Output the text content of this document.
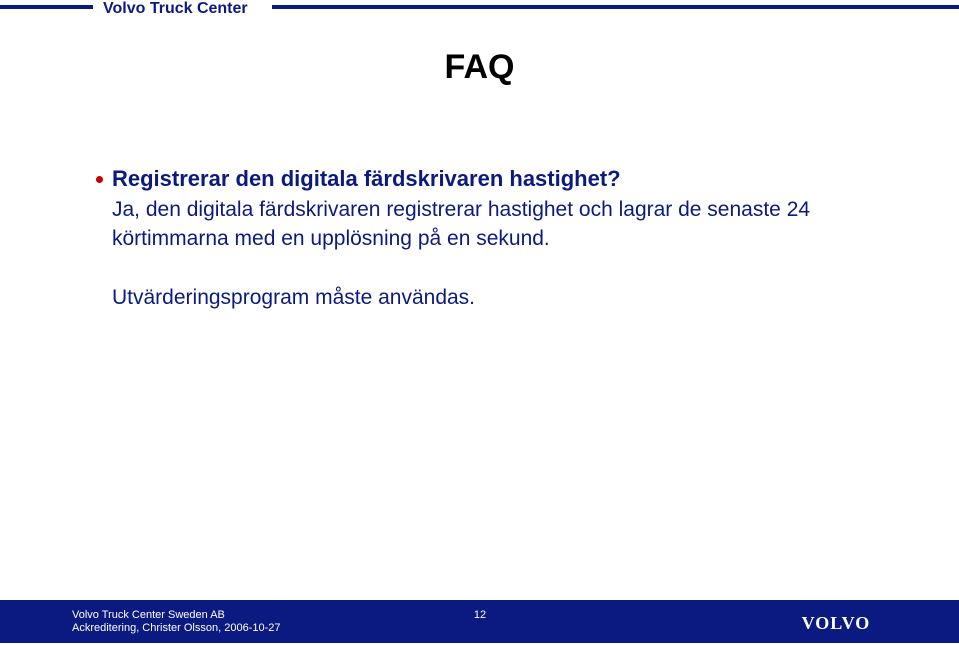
Volvo Truck Center
FAQ
Registrerar den digitala färdskrivaren hastighet?
Ja, den digitala färdskrivaren registrerar hastighet och lagrar de senaste 24 körtimmarna med en upplösning på en sekund.
Utvärderingsprogram måste användas.
Volvo Truck Center Sweden AB
Ackreditering, Christer Olsson, 2006-10-27
12	VOLVO
